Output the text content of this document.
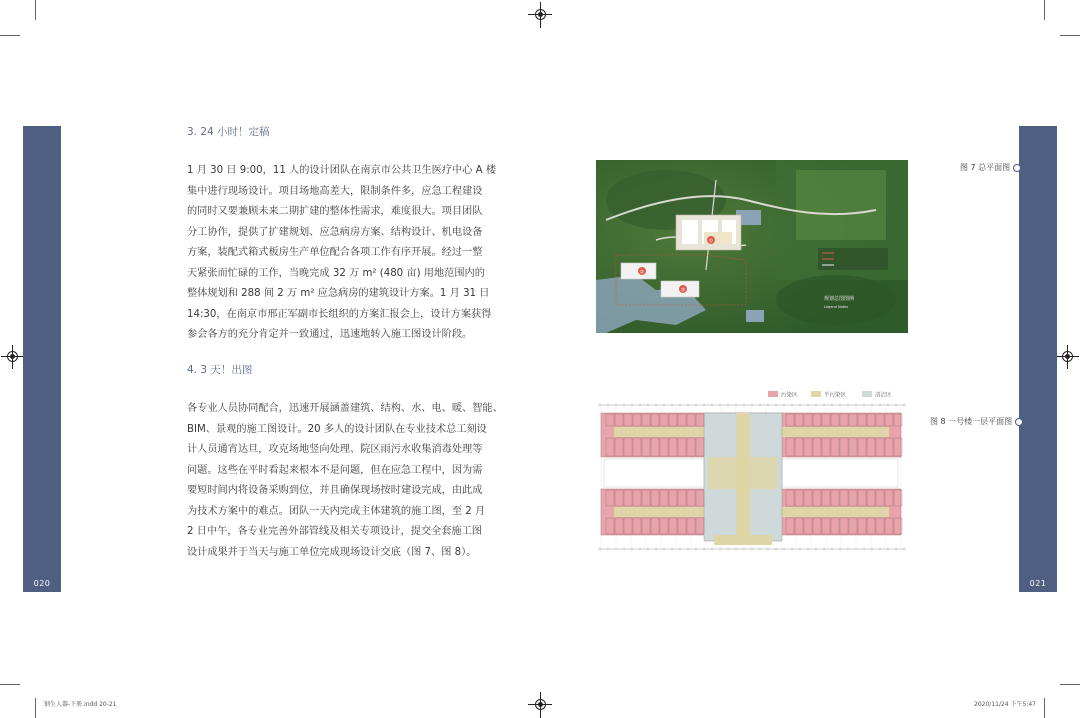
020	021
3. 24 小时！定稿
1 月 30 日 9:00，11 人的设计团队在南京市公共卫生医疗中心 A 楼
集中进行现场设计。项目场地高差大，限制条件多，应急工程建设
的同时又要兼顾未来二期扩建的整体性需求，难度很大。项目团队
分工协作，提供了扩建规划、应急病房方案、结构设计、机电设备
方案，装配式箱式板房生产单位配合各项工作有序开展。经过一整
天紧张而忙碌的工作，当晚完成 32 万 m² (480 亩) 用地范围内的
整体规划和 288 间 2 万 m² 应急病房的建筑设计方案。1 月 31 日
14:30，在南京市邢正军副市长组织的方案汇报会上，设计方案获得
参会各方的充分肯定并一致通过，迅速地转入施工图设计阶段。
4. 3 天！出图
各专业人员协同配合，迅速开展涵盖建筑、结构、水、电、暖、智能、
BIM、景观的施工图设计。20 多人的设计团队在专业技术总工刻设
计人员通宵达旦，攻克场地竖向处理、院区雨污水收集消毒处理等
问题。这些在平时看起来根本不是问题，但在应急工程中，因为需
要短时间内将设备采购到位，并且确保现场按时建设完成，由此成
为技术方案中的难点。团队一天内完成主体建筑的施工图，至 2 月
2 日中午，各专业完善外部管线及相关专项设计，提交全套施工图
设计成果并于当天与施工单位完成现场设计交底（图 7、图 8）。
图 7 总平面图
图 8 一号楼一层平面图
②
③
①
规划总图图例
Legend Notes
污染区	半污染区	清洁区
钢生人器-下册.indd 20-21	2020/11/24 下午5:47
